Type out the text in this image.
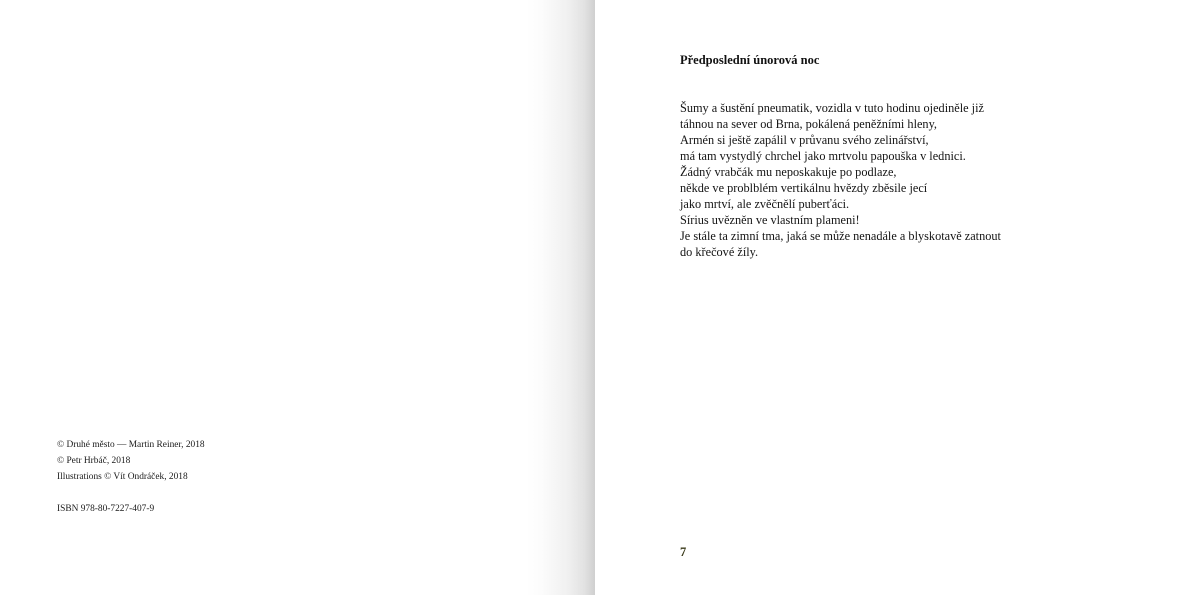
© Druhé město — Martin Reiner, 2018
© Petr Hrbáč, 2018
Illustrations © Vít Ondráček, 2018
ISBN 978-80-7227-407-9
Předposlední únorová noc
Šumy a šustění pneumatik, vozidla v tuto hodinu ojediněle již
táhnou na sever od Brna, pokálená peněžními hleny,
Armén si ještě zapálil v průvanu svého zelinářství,
má tam vystydlý chrchel jako mrtvolu papouška v lednici.
Žádný vrabčák mu neposkakuje po podlaze,
někde ve problblém vertikálnu hvězdy zběsile jecí
jako mrtví, ale zvěčnělí puberťáci.
Sírius uvězněn ve vlastním plameni!
Je stále ta zimní tma, jaká se může nenadále a blyskotavě zatnout
do křečové žíly.
7
